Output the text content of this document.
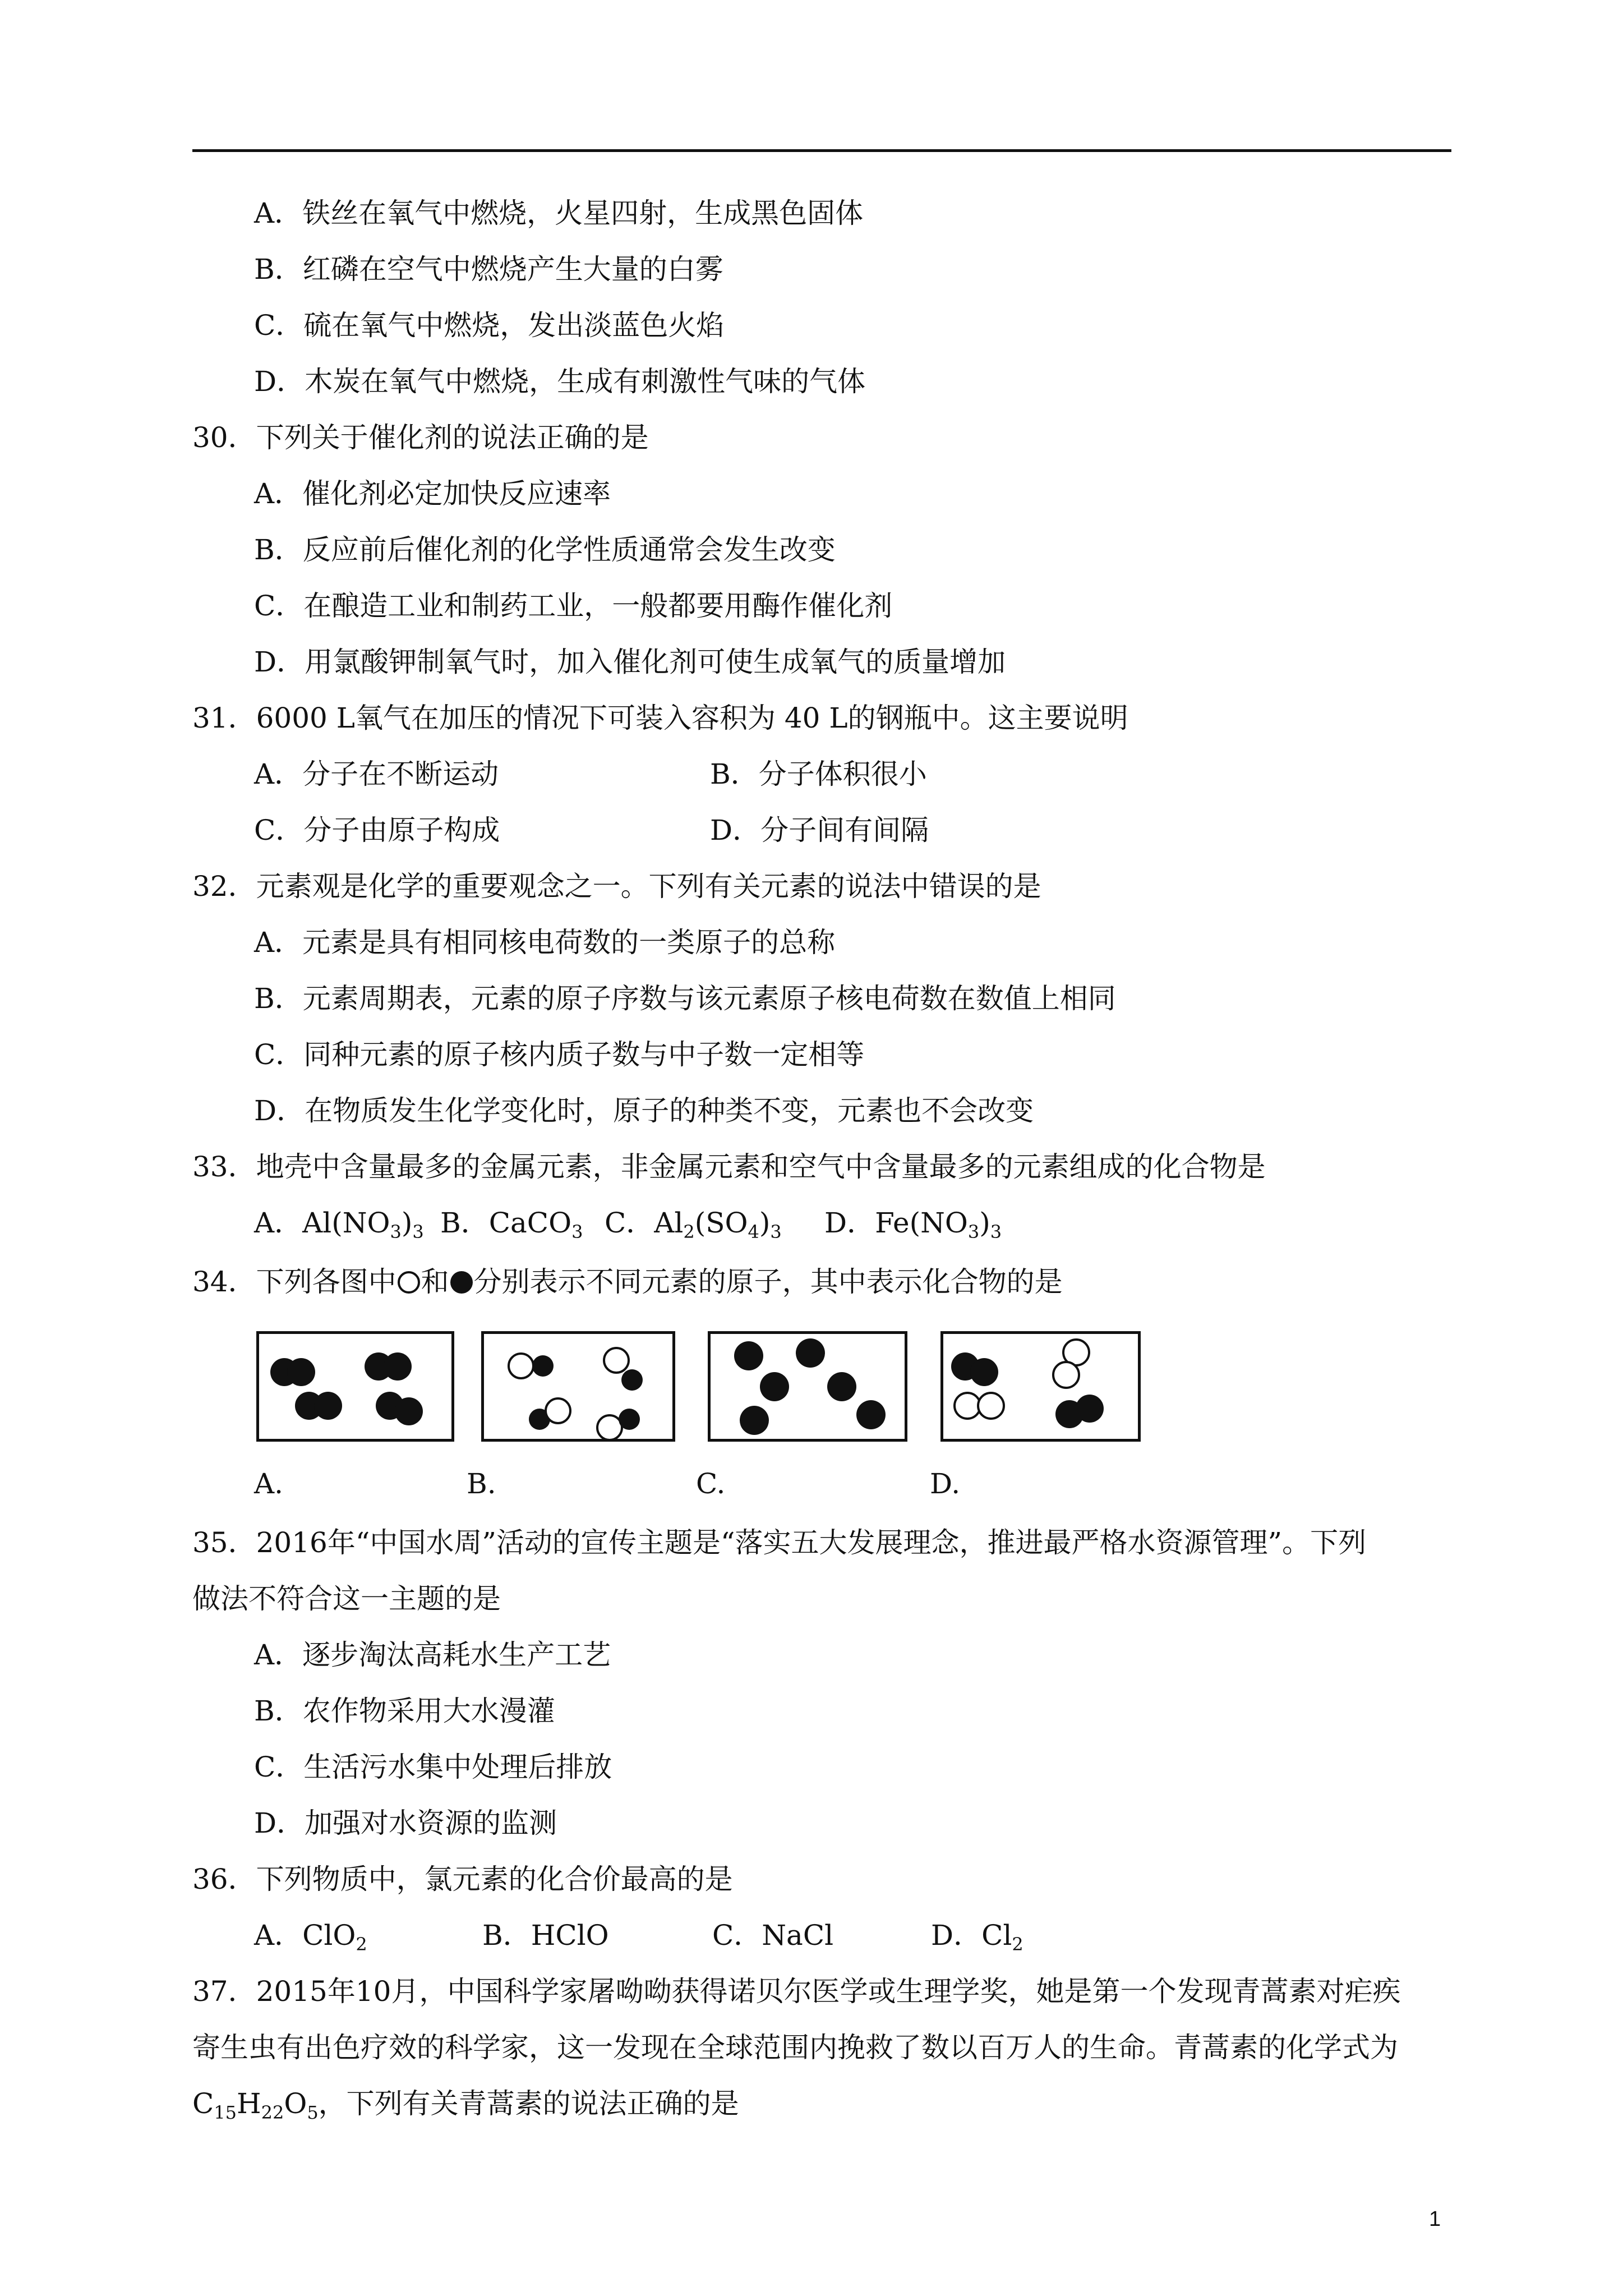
A．铁丝在氧气中燃烧，火星四射，生成黑色固体
B．红磷在空气中燃烧产生大量的白雾
C．硫在氧气中燃烧，发出淡蓝色火焰
D．木炭在氧气中燃烧，生成有刺激性气味的气体
30．下列关于催化剂的说法正确的是
A．催化剂必定加快反应速率
B．反应前后催化剂的化学性质通常会发生改变
C．在酿造工业和制药工业，一般都要用酶作催化剂
D．用氯酸钾制氧气时，加入催化剂可使生成氧气的质量增加
31．6000 L氧气在加压的情况下可装入容积为 40 L的钢瓶中。这主要说明
A．分子在不断运动	B．分子体积很小
C．分子由原子构成	D．分子间有间隔
32．元素观是化学的重要观念之一。下列有关元素的说法中错误的是
A．元素是具有相同核电荷数的一类原子的总称
B．元素周期表，元素的原子序数与该元素原子核电荷数在数值上相同
C．同种元素的原子核内质子数与中子数一定相等
D．在物质发生化学变化时，原子的种类不变，元素也不会改变
33．地壳中含量最多的金属元素，非金属元素和空气中含量最多的元素组成的化合物是
A．$Al(NO_3)_3$ B．CaCO$_3$ C．$Al_2(SO_4)_3$ D．$Fe(NO_3)_3$
34．下列各图中 和 分别表示不同元素的原子，其中表示化合物的是
A.	B.	C.	D.
35．2016年“中国水周”活动的宣传主题是“落实五大发展理念，推进最严格水资源管理”。下列
做法不符合这一主题的是
A．逐步淘汰高耗水生产工艺
B．农作物采用大水漫灌
C．生活污水集中处理后排放
D．加强对水资源的监测
36．下列物质中，氯元素的化合价最高的是
A．ClO$_2$	B．HClO	C．NaCl	D．$Cl_2$
37．2015年10月，中国科学家屠呦呦获得诺贝尔医学或生理学奖，她是第一个发现青蒿素对疟疾
寄生虫有出色疗效的科学家，这一发现在全球范围内挽救了数以百万人的生命。青蒿素的化学式为
$C_{15}H_{22}O_5$，下列有关青蒿素的说法正确的是
1
